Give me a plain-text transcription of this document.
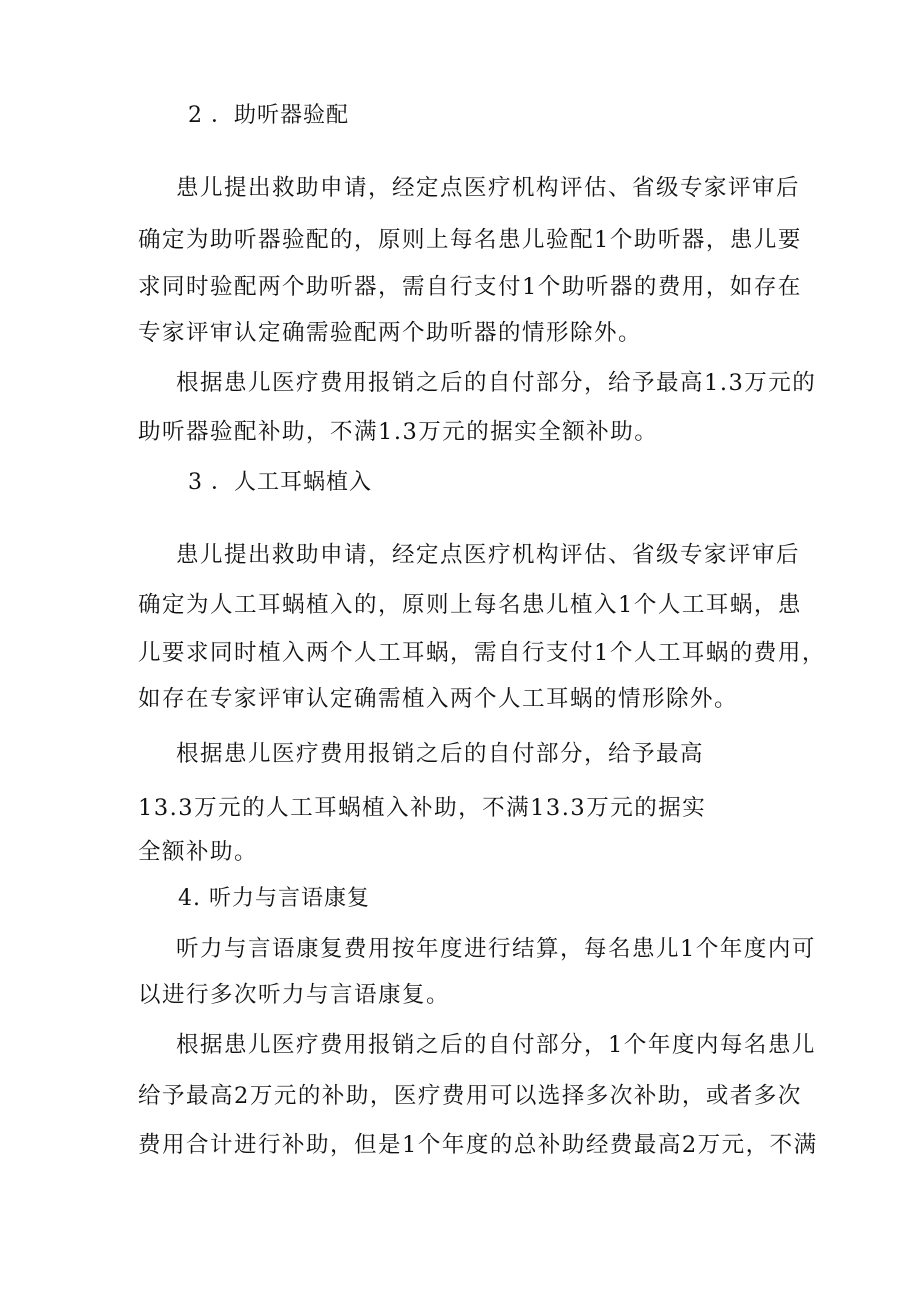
2 ．助听器验配
患儿提出救助申请，经定点医疗机构评估、省级专家评审后
确定为助听器验配的，原则上每名患儿验配1个助听器，患儿要
求同时验配两个助听器，需自行支付1个助听器的费用，如存在
专家评审认定确需验配两个助听器的情形除外。
根据患儿医疗费用报销之后的自付部分，给予最高1.3万元的
助听器验配补助，不满1.3万元的据实全额补助。
3 ．人工耳蜗植入
患儿提出救助申请，经定点医疗机构评估、省级专家评审后
确定为人工耳蜗植入的，原则上每名患儿植入1个人工耳蜗，患
儿要求同时植入两个人工耳蜗，需自行支付1个人工耳蜗的费用，
如存在专家评审认定确需植入两个人工耳蜗的情形除外。
根据患儿医疗费用报销之后的自付部分，给予最高
13.3万元的人工耳蜗植入补助，不满13.3万元的据实
全额补助。
4. 听力与言语康复
听力与言语康复费用按年度进行结算，每名患儿1个年度内可
以进行多次听力与言语康复。
根据患儿医疗费用报销之后的自付部分，1个年度内每名患儿
给予最高2万元的补助，医疗费用可以选择多次补助，或者多次
费用合计进行补助，但是1个年度的总补助经费最高2万元，不满
